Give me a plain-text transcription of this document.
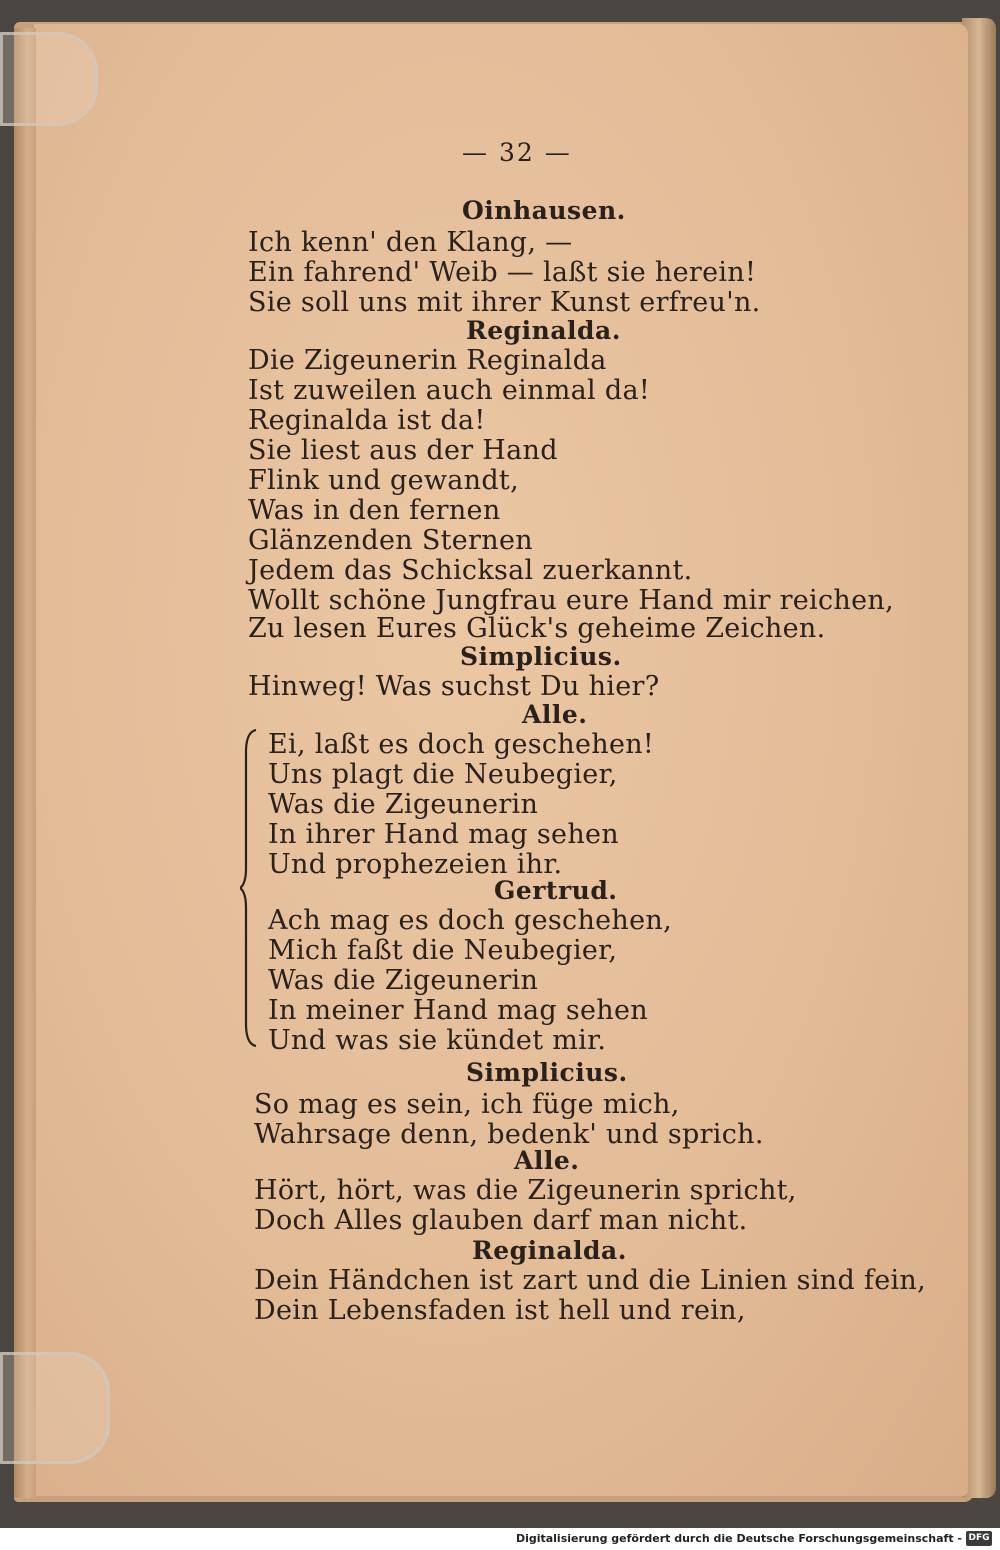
— 32 —
Oinhausen.
Ich kenn' den Klang, —
Ein fahrend' Weib — laßt sie herein!
Sie soll uns mit ihrer Kunst erfreu'n.
Reginalda.
Die Zigeunerin Reginalda
Ist zuweilen auch einmal da!
Reginalda ist da!
Sie liest aus der Hand
Flink und gewandt,
Was in den fernen
Glänzenden Sternen
Jedem das Schicksal zuerkannt.
Wollt schöne Jungfrau eure Hand mir reichen,
Zu lesen Eures Glück's geheime Zeichen.
Simplicius.
Hinweg! Was suchst Du hier?
Alle.
Ei, laßt es doch geschehen!
Uns plagt die Neubegier,
Was die Zigeunerin
In ihrer Hand mag sehen
Und prophezeien ihr.
Gertrud.
Ach mag es doch geschehen,
Mich faßt die Neubegier,
Was die Zigeunerin
In meiner Hand mag sehen
Und was sie kündet mir.
Simplicius.
So mag es sein, ich füge mich,
Wahrsage denn, bedenk' und sprich.
Alle.
Hört, hört, was die Zigeunerin spricht,
Doch Alles glauben darf man nicht.
Reginalda.
Dein Händchen ist zart und die Linien sind fein,
Dein Lebensfaden ist hell und rein,
Digitalisierung gefördert durch die Deutsche Forschungsgemeinschaft - DFG
